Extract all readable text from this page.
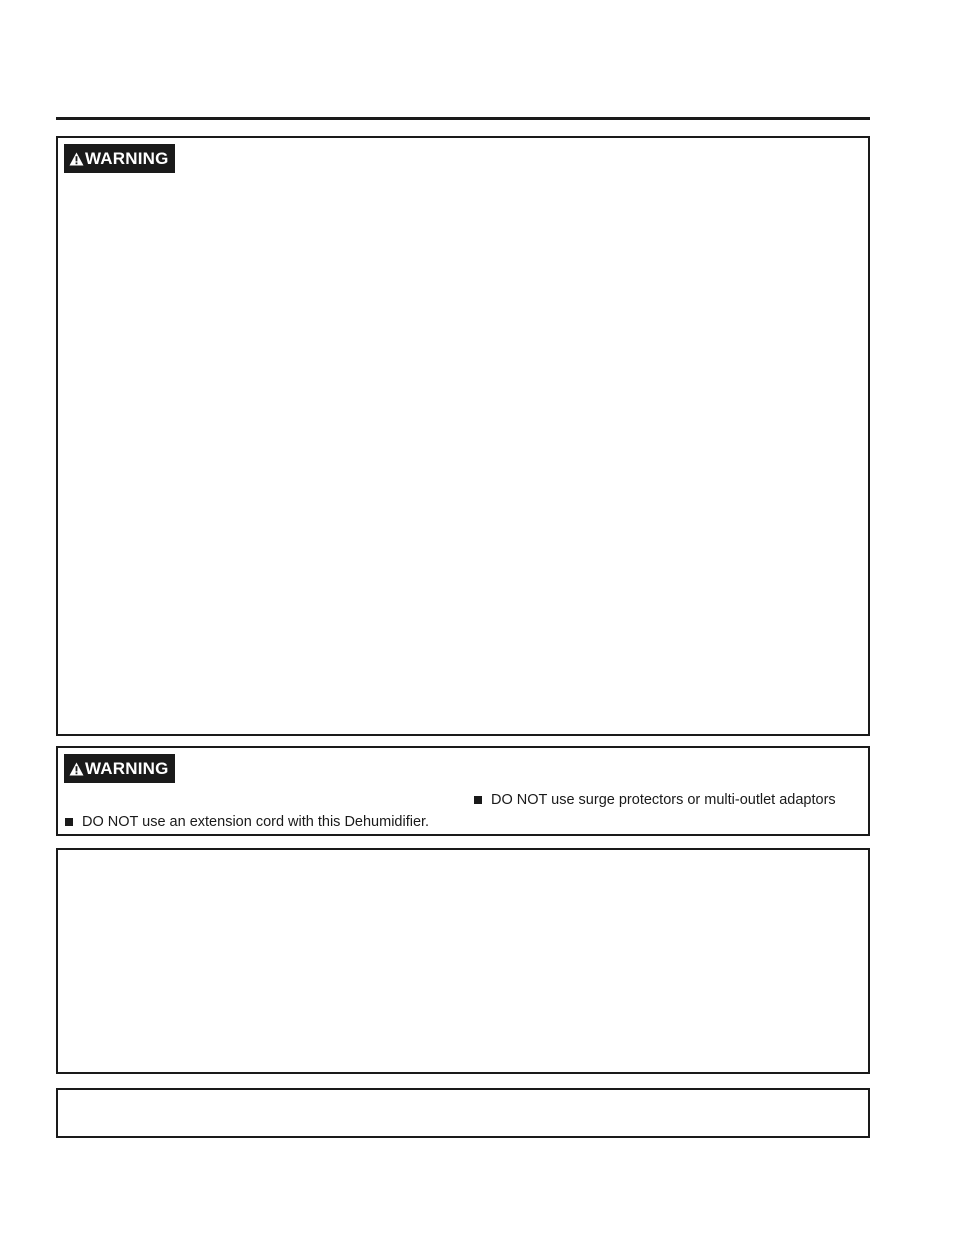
WARNING
WARNING
DO NOT use surge protectors or multi-outlet adaptors
DO NOT use an extension cord with this Dehumidifier.
